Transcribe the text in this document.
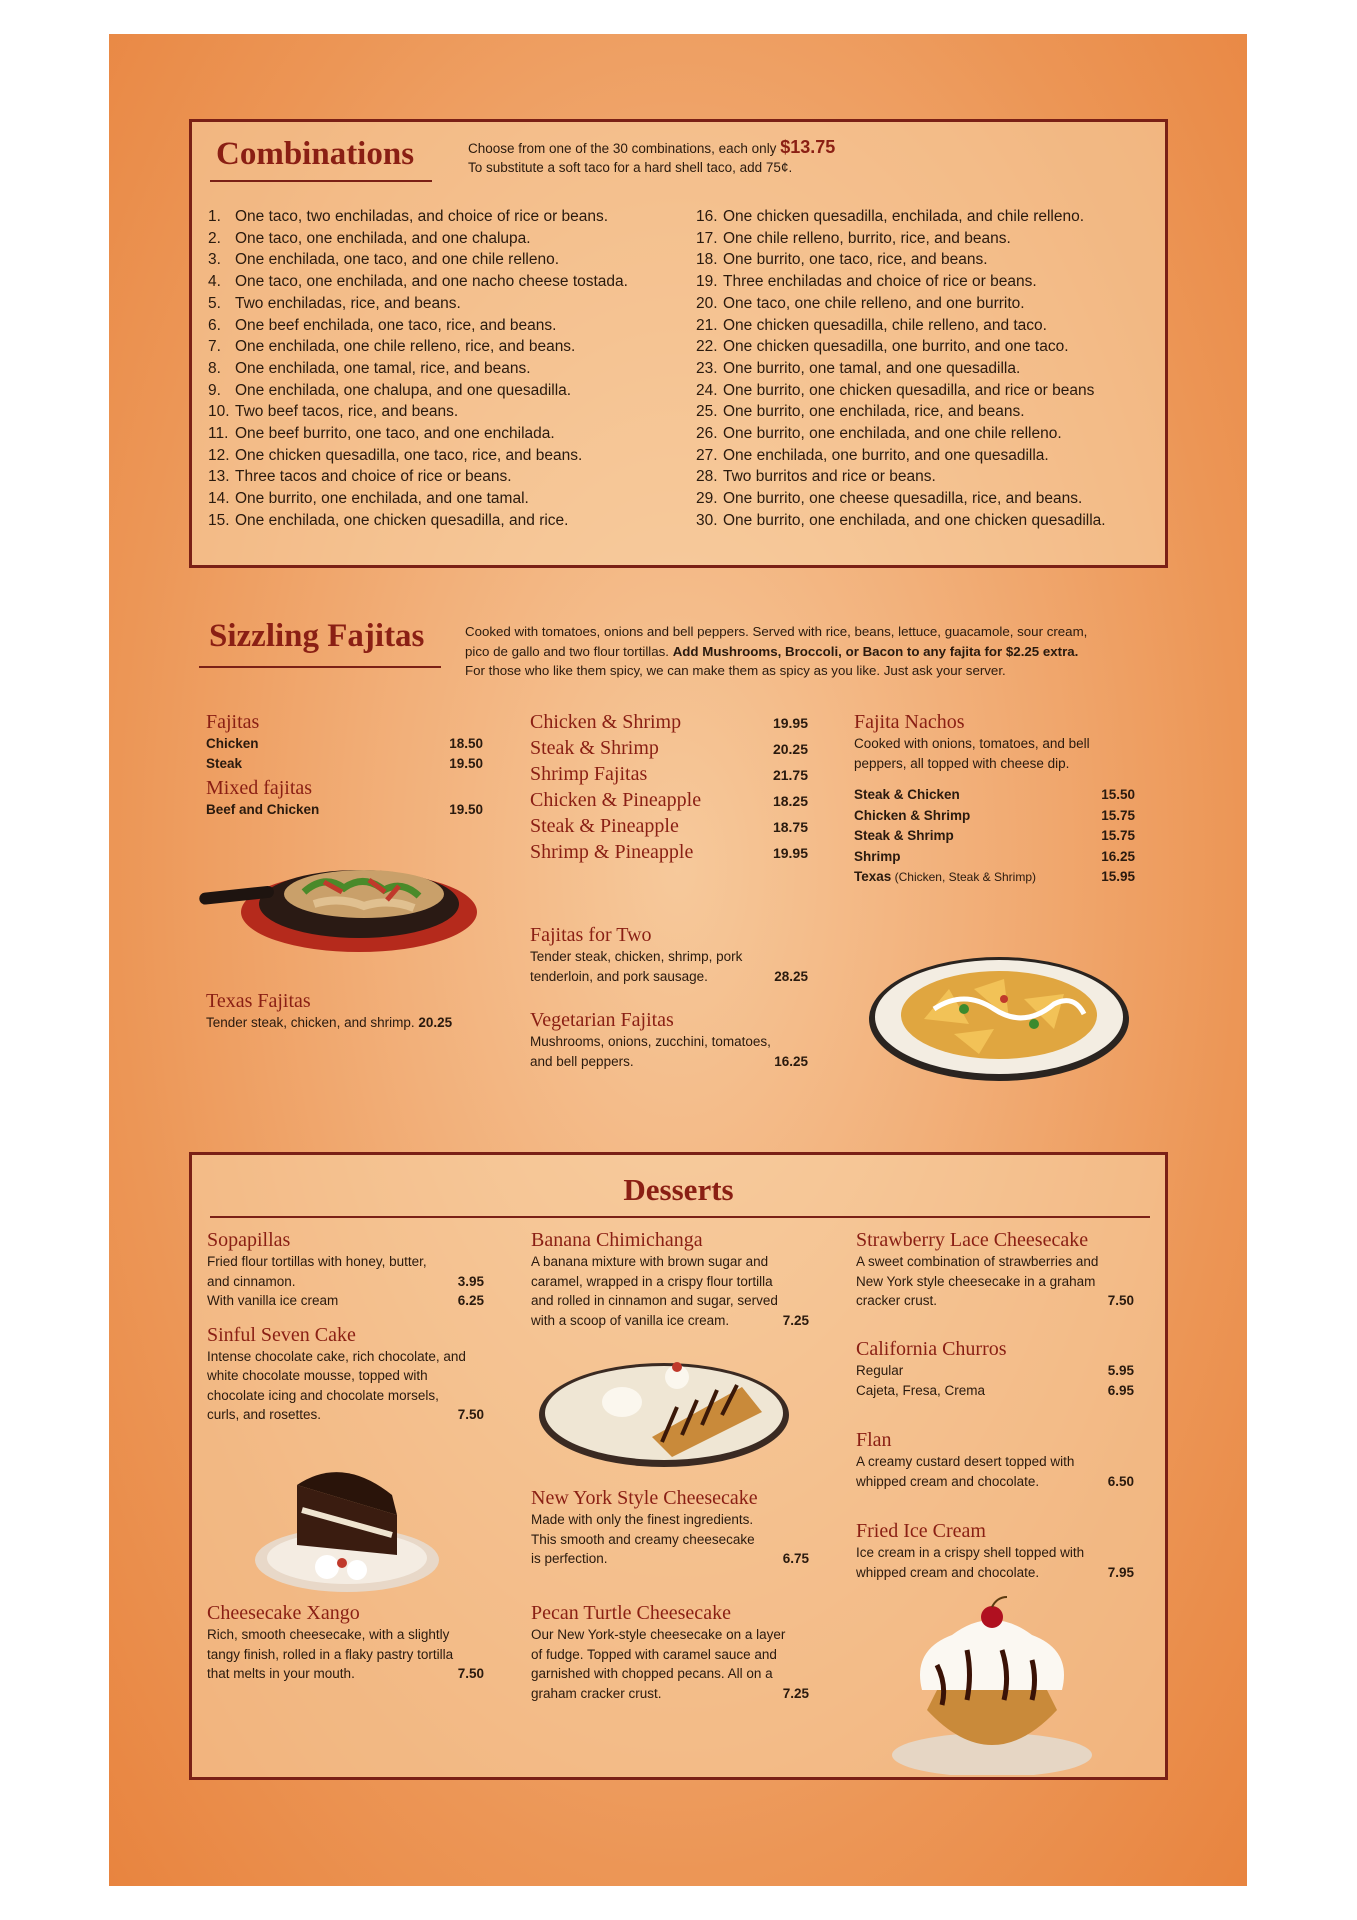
Combinations	Choose from one of the 30 combinations, each only $13.75
To substitute a soft taco for a hard shell taco, add 75¢.
1. One taco, two enchiladas, and choice of rice or beans.
2. One taco, one enchilada, and one chalupa.
3. One enchilada, one taco, and one chile relleno.
4. One taco, one enchilada, and one nacho cheese tostada.
5. Two enchiladas, rice, and beans.
6. One beef enchilada, one taco, rice, and beans.
7. One enchilada, one chile relleno, rice, and beans.
8. One enchilada, one tamal, rice, and beans.
9. One enchilada, one chalupa, and one quesadilla.
10. Two beef tacos, rice, and beans.
11. One beef burrito, one taco, and one enchilada.
12. One chicken quesadilla, one taco, rice, and beans.
13. Three tacos and choice of rice or beans.
14. One burrito, one enchilada, and one tamal.
15. One enchilada, one chicken quesadilla, and rice.
16. One chicken quesadilla, enchilada, and chile relleno.
17. One chile relleno, burrito, rice, and beans.
18. One burrito, one taco, rice, and beans.
19. Three enchiladas and choice of rice or beans.
20. One taco, one chile relleno, and one burrito.
21. One chicken quesadilla, chile relleno, and taco.
22. One chicken quesadilla, one burrito, and one taco.
23. One burrito, one tamal, and one quesadilla.
24. One burrito, one chicken quesadilla, and rice or beans
25. One burrito, one enchilada, rice, and beans.
26. One burrito, one enchilada, and one chile relleno.
27. One enchilada, one burrito, and one quesadilla.
28. Two burritos and rice or beans.
29. One burrito, one cheese quesadilla, rice, and beans.
30. One burrito, one enchilada, and one chicken quesadilla.
Sizzling Fajitas	Cooked with tomatoes, onions and bell peppers. Served with rice, beans, lettuce, guacamole, sour cream,
pico de gallo and two flour tortillas. Add Mushrooms, Broccoli, or Bacon to any fajita for $2.25 extra.
For those who like them spicy, we can make them as spicy as you like. Just ask your server.
Fajitas
Chicken	18.50
Steak	19.50
Mixed fajitas
Beef and Chicken	19.50
Texas Fajitas
Tender steak, chicken, and shrimp. 20.25
Chicken & Shrimp	19.95
Steak & Shrimp	20.25
Shrimp Fajitas	21.75
Chicken & Pineapple	18.25
Steak & Pineapple	18.75
Shrimp & Pineapple	19.95
Fajitas for Two
Tender steak, chicken, shrimp, pork
tenderloin, and pork sausage.	28.25
Vegetarian Fajitas
Mushrooms, onions, zucchini, tomatoes,
and bell peppers.	16.25
Fajita Nachos
Cooked with onions, tomatoes, and bell
peppers, all topped with cheese dip.
Steak & Chicken	15.50
Chicken & Shrimp	15.75
Steak & Shrimp	15.75
Shrimp	16.25
Texas (Chicken, Steak & Shrimp)	15.95
Desserts
Sopapillas
Fried flour tortillas with honey, butter,
and cinnamon.	3.95
With vanilla ice cream	6.25
Sinful Seven Cake
Intense chocolate cake, rich chocolate, and
white chocolate mousse, topped with
chocolate icing and chocolate morsels,
curls, and rosettes.	7.50
Cheesecake Xango
Rich, smooth cheesecake, with a slightly
tangy finish, rolled in a flaky pastry tortilla
that melts in your mouth.	7.50
Banana Chimichanga
A banana mixture with brown sugar and
caramel, wrapped in a crispy flour tortilla
and rolled in cinnamon and sugar, served
with a scoop of vanilla ice cream.	7.25
New York Style Cheesecake
Made with only the finest ingredients.
This smooth and creamy cheesecake
is perfection.	6.75
Pecan Turtle Cheesecake
Our New York-style cheesecake on a layer
of fudge. Topped with caramel sauce and
garnished with chopped pecans. All on a
graham cracker crust.	7.25
Strawberry Lace Cheesecake
A sweet combination of strawberries and
New York style cheesecake in a graham
cracker crust.	7.50
California Churros
Regular	5.95
Cajeta, Fresa, Crema	6.95
Flan
A creamy custard desert topped with
whipped cream and chocolate.	6.50
Fried Ice Cream
Ice cream in a crispy shell topped with
whipped cream and chocolate.	7.95
